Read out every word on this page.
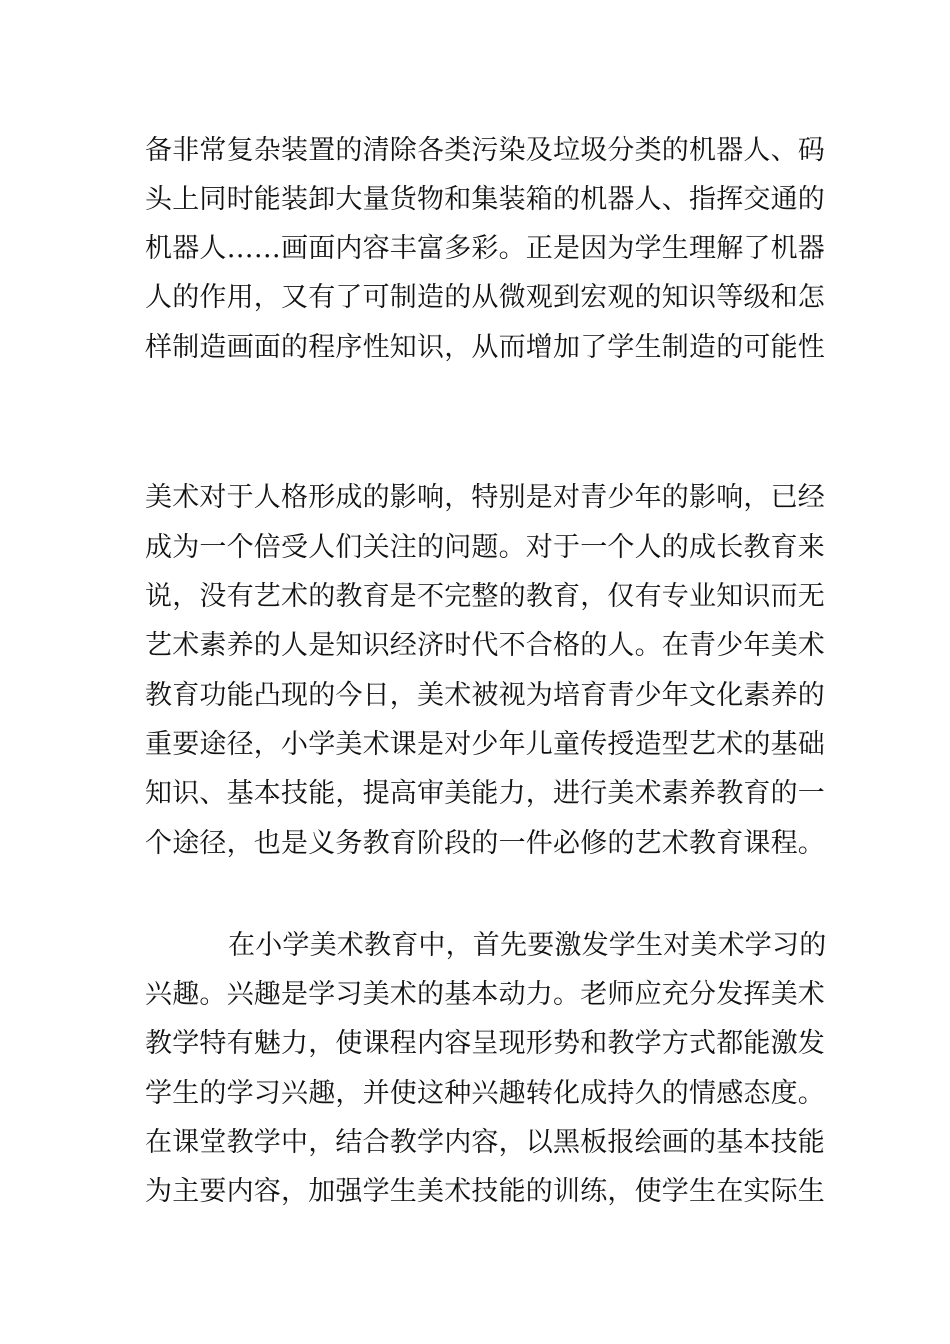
备非常复杂装置的清除各类污染及垃圾分类的机器人、码
头上同时能装卸大量货物和集装箱的机器人、指挥交通的
机器人……画面内容丰富多彩。正是因为学生理解了机器
人的作用，又有了可制造的从微观到宏观的知识等级和怎
样制造画面的程序性知识，从而增加了学生制造的可能性
美术对于人格形成的影响，特别是对青少年的影响，已经
成为一个倍受人们关注的问题。对于一个人的成长教育来
说，没有艺术的教育是不完整的教育，仅有专业知识而无
艺术素养的人是知识经济时代不合格的人。在青少年美术
教育功能凸现的今日，美术被视为培育青少年文化素养的
重要途径，小学美术课是对少年儿童传授造型艺术的基础
知识、基本技能，提高审美能力，进行美术素养教育的一
个途径，也是义务教育阶段的一件必修的艺术教育课程。
在小学美术教育中，首先要激发学生对美术学习的
兴趣。兴趣是学习美术的基本动力。老师应充分发挥美术
教学特有魅力，使课程内容呈现形势和教学方式都能激发
学生的学习兴趣，并使这种兴趣转化成持久的情感态度。
在课堂教学中，结合教学内容，以黑板报绘画的基本技能
为主要内容，加强学生美术技能的训练，使学生在实际生
